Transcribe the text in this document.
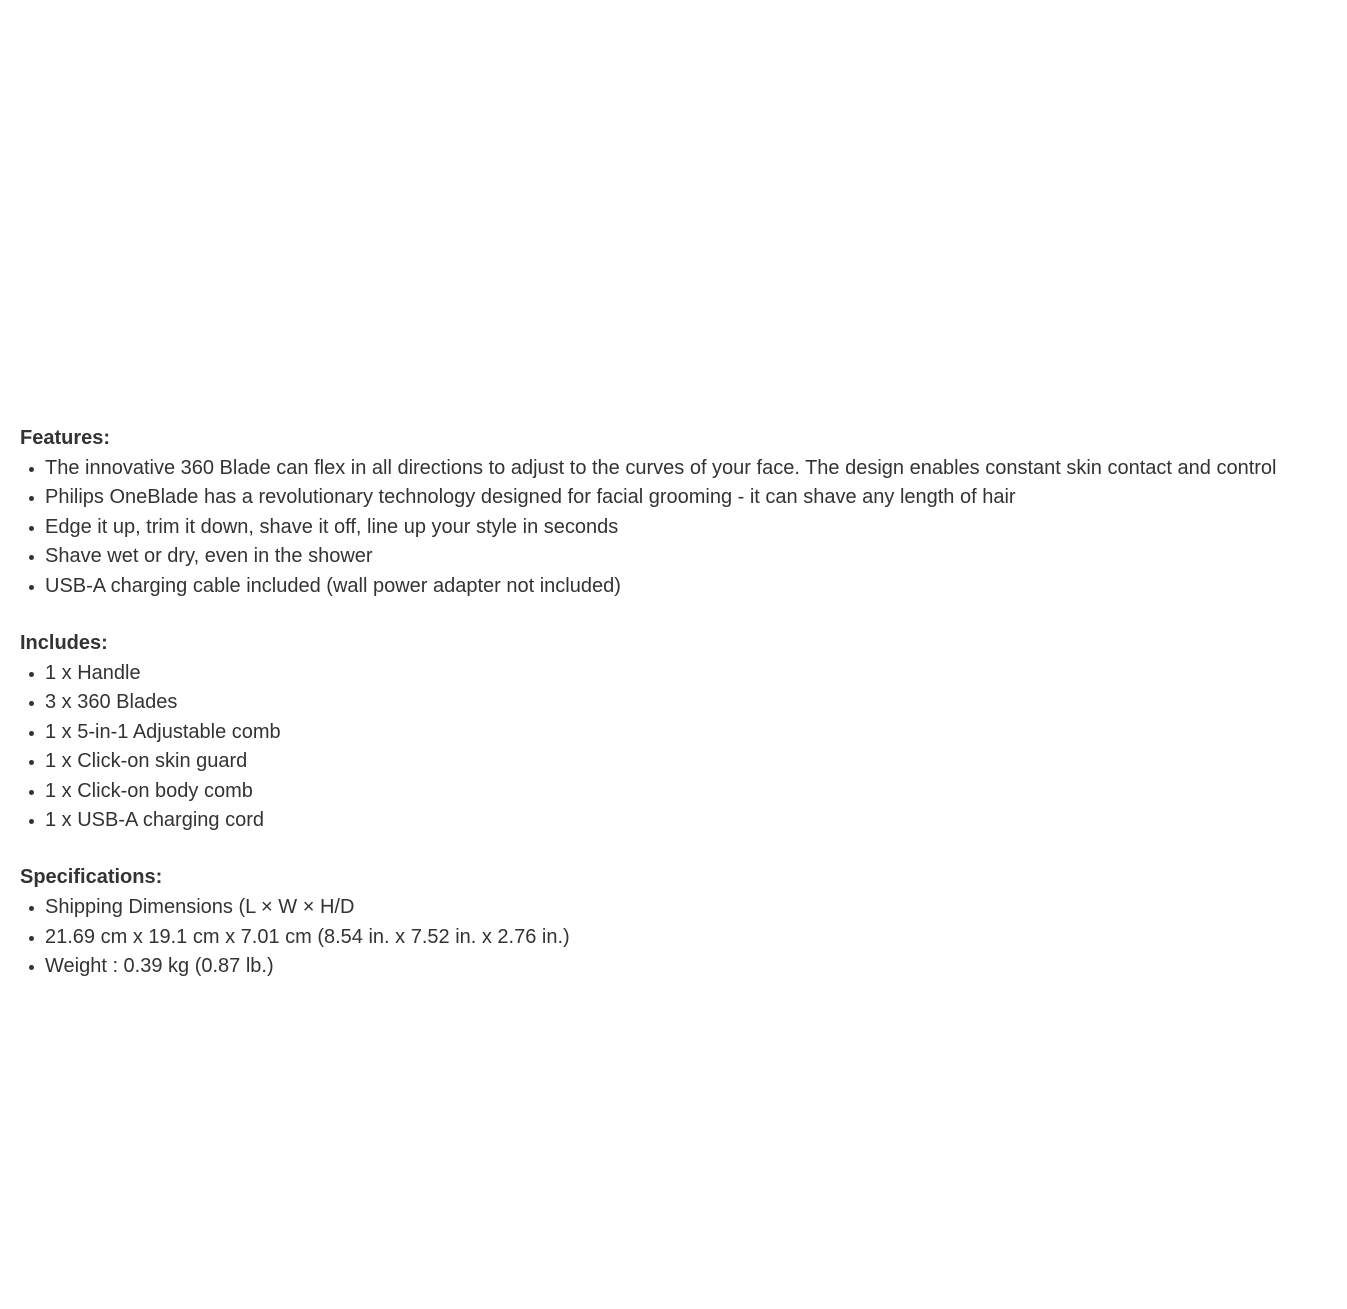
Features:
The innovative 360 Blade can flex in all directions to adjust to the curves of your face. The design enables constant skin contact and control
Philips OneBlade has a revolutionary technology designed for facial grooming - it can shave any length of hair
Edge it up, trim it down, shave it off, line up your style in seconds
Shave wet or dry, even in the shower
USB-A charging cable included (wall power adapter not included)
Includes:
1 x Handle
3 x 360 Blades
1 x 5-in-1 Adjustable comb
1 x Click-on skin guard
1 x Click-on body comb
1 x USB-A charging cord
Specifications:
Shipping Dimensions (L × W × H/D
21.69 cm x 19.1 cm x 7.01 cm (8.54 in. x 7.52 in. x 2.76 in.)
Weight : 0.39 kg (0.87 lb.)
